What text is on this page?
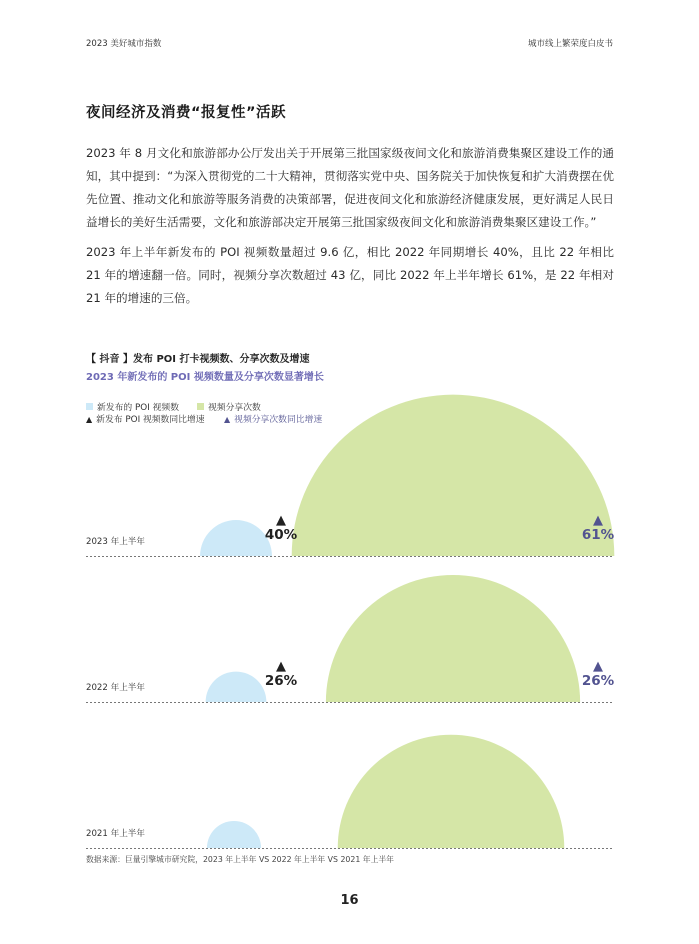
2023 美好城市指数	城市线上繁荣度白皮书
夜间经济及消费“报复性”活跃

2023 年 8 月文化和旅游部办公厅发出关于开展第三批国家级夜间文化和旅游消费集聚区建设工作的通知，其中提到：“为深入贯彻党的二十大精神，贯彻落实党中央、国务院关于加快恢复和扩大消费摆在优先位置、推动文化和旅游等服务消费的决策部署，促进夜间文化和旅游经济健康发展，更好满足人民日益增长的美好生活需要，文化和旅游部决定开展第三批国家级夜间文化和旅游消费集聚区建设工作。”

2023 年上半年新发布的 POI 视频数量超过 9.6 亿，相比 2022 年同期增长 40%，且比 22 年相比 21 年的增速翻一倍。同时，视频分享次数超过 43 亿，同比 2022 年上半年增长 61%，是 22 年相对 21 年的增速的三倍。

【 抖音 】发布 POI 打卡视频数、分享次数及增速
2023 年新发布的 POI 视频数量及分享次数显著增长
新发布的 POI 视频数	视频分享次数
▲ 新发布 POI 视频数同比增速 ▲ 视频分享次数同比增速
2023 年上半年
▲
40%
▲
61%
2022 年上半年
▲
26%
▲
26%
2021 年上半年
数据来源：巨量引擎城市研究院，2023 年上半年 VS 2022 年上半年 VS 2021 年上半年
16
